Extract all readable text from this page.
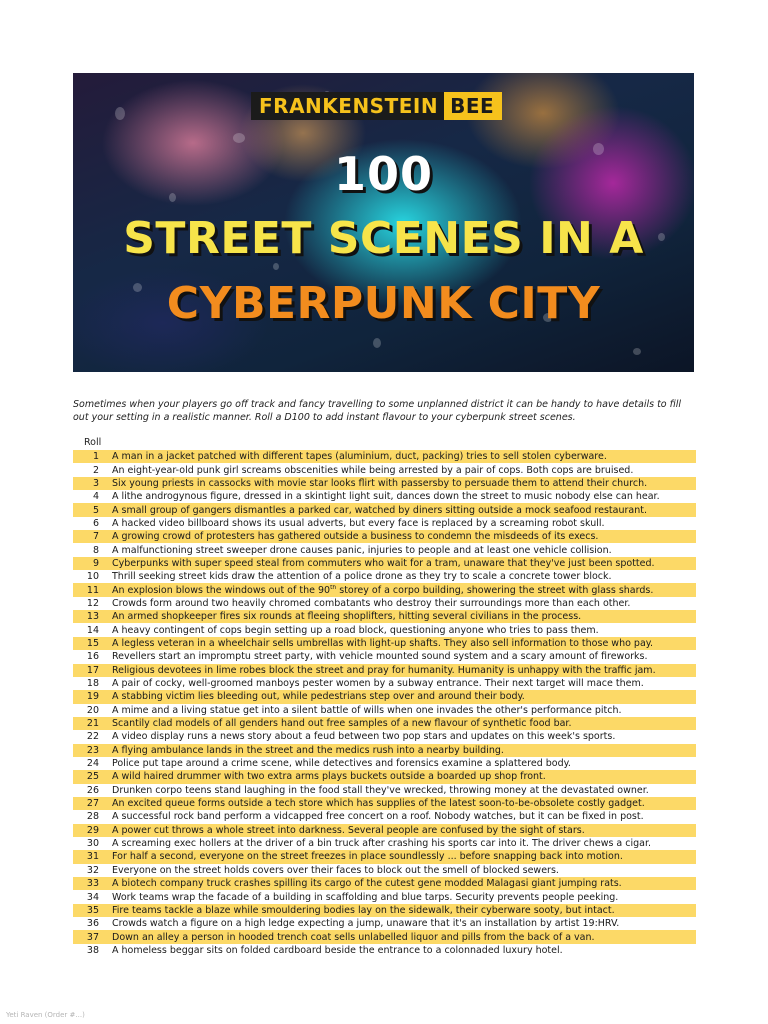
FRANKENSTEIN BEE
100
STREET SCENES IN A
CYBERPUNK CITY
Sometimes when your players go off track and fancy travelling to some unplanned district it can be handy to have details to fill out your setting in a realistic manner. Roll a D100 to add instant flavour to your cyberpunk street scenes.
Roll
1	A man in a jacket patched with different tapes (aluminium, duct, packing) tries to sell stolen cyberware.
2	An eight-year-old punk girl screams obscenities while being arrested by a pair of cops. Both cops are bruised.
3	Six young priests in cassocks with movie star looks flirt with passersby to persuade them to attend their church.
4	A lithe androgynous figure, dressed in a skintight light suit, dances down the street to music nobody else can hear.
5	A small group of gangers dismantles a parked car, watched by diners sitting outside a mock seafood restaurant.
6	A hacked video billboard shows its usual adverts, but every face is replaced by a screaming robot skull.
7	A growing crowd of protesters has gathered outside a business to condemn the misdeeds of its execs.
8	A malfunctioning street sweeper drone causes panic, injuries to people and at least one vehicle collision.
9	Cyberpunks with super speed steal from commuters who wait for a tram, unaware that they've just been spotted.
10	Thrill seeking street kids draw the attention of a police drone as they try to scale a concrete tower block.
11	An explosion blows the windows out of the 90th storey of a corpo building, showering the street with glass shards.
12	Crowds form around two heavily chromed combatants who destroy their surroundings more than each other.
13	An armed shopkeeper fires six rounds at fleeing shoplifters, hitting several civilians in the process.
14	A heavy contingent of cops begin setting up a road block, questioning anyone who tries to pass them.
15	A legless veteran in a wheelchair sells umbrellas with light-up shafts. They also sell information to those who pay.
16	Revellers start an impromptu street party, with vehicle mounted sound system and a scary amount of fireworks.
17	Religious devotees in lime robes block the street and pray for humanity. Humanity is unhappy with the traffic jam.
18	A pair of cocky, well-groomed manboys pester women by a subway entrance. Their next target will mace them.
19	A stabbing victim lies bleeding out, while pedestrians step over and around their body.
20	A mime and a living statue get into a silent battle of wills when one invades the other's performance pitch.
21	Scantily clad models of all genders hand out free samples of a new flavour of synthetic food bar.
22	A video display runs a news story about a feud between two pop stars and updates on this week's sports.
23	A flying ambulance lands in the street and the medics rush into a nearby building.
24	Police put tape around a crime scene, while detectives and forensics examine a splattered body.
25	A wild haired drummer with two extra arms plays buckets outside a boarded up shop front.
26	Drunken corpo teens stand laughing in the food stall they've wrecked, throwing money at the devastated owner.
27	An excited queue forms outside a tech store which has supplies of the latest soon-to-be-obsolete costly gadget.
28	A successful rock band perform a vidcapped free concert on a roof. Nobody watches, but it can be fixed in post.
29	A power cut throws a whole street into darkness. Several people are confused by the sight of stars.
30	A screaming exec hollers at the driver of a bin truck after crashing his sports car into it. The driver chews a cigar.
31	For half a second, everyone on the street freezes in place soundlessly ... before snapping back into motion.
32	Everyone on the street holds covers over their faces to block out the smell of blocked sewers.
33	A biotech company truck crashes spilling its cargo of the cutest gene modded Malagasi giant jumping rats.
34	Work teams wrap the facade of a building in scaffolding and blue tarps. Security prevents people peeking.
35	Fire teams tackle a blaze while smouldering bodies lay on the sidewalk, their cyberware sooty, but intact.
36	Crowds watch a figure on a high ledge expecting a jump, unaware that it's an installation by artist 19:HRV.
37	Down an alley a person in hooded trench coat sells unlabelled liquor and pills from the back of a van.
38	A homeless beggar sits on folded cardboard beside the entrance to a colonnaded luxury hotel.
Yeti Raven (Order #...)
